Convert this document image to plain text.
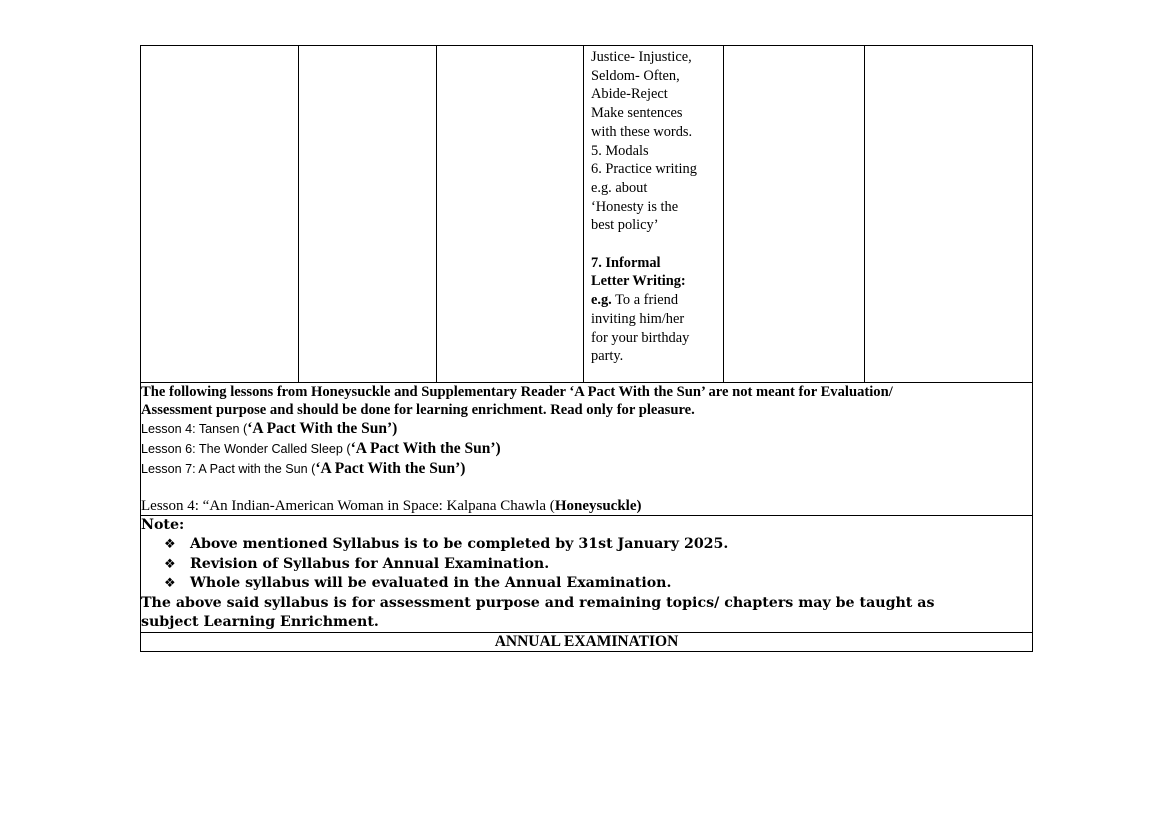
Justice- Injustice,
Seldom- Often,
Abide-Reject
Make sentences
with these words.
5. Modals
6. Practice writing
e.g. about
‘Honesty is the
best policy’
7. Informal
Letter Writing:
e.g. To a friend
inviting him/her
for your birthday
party.

The following lessons from Honeysuckle and Supplementary Reader ‘A Pact With the Sun’ are not meant for Evaluation/
Assessment purpose and should be done for learning enrichment. Read only for pleasure.
Lesson 4: Tansen (‘A Pact With the Sun’)
Lesson 6: The Wonder Called Sleep (‘A Pact With the Sun’)
Lesson 7: A Pact with the Sun (‘A Pact With the Sun’)
Lesson 4: “An Indian-American Woman in Space: Kalpana Chawla (Honeysuckle)

Note:
❖	Above mentioned Syllabus is to be completed by 31st January 2025.
❖	Revision of Syllabus for Annual Examination.
❖	Whole syllabus will be evaluated in the Annual Examination.
The above said syllabus is for assessment purpose and remaining topics/ chapters may be taught as
subject Learning Enrichment.

ANNUAL EXAMINATION
